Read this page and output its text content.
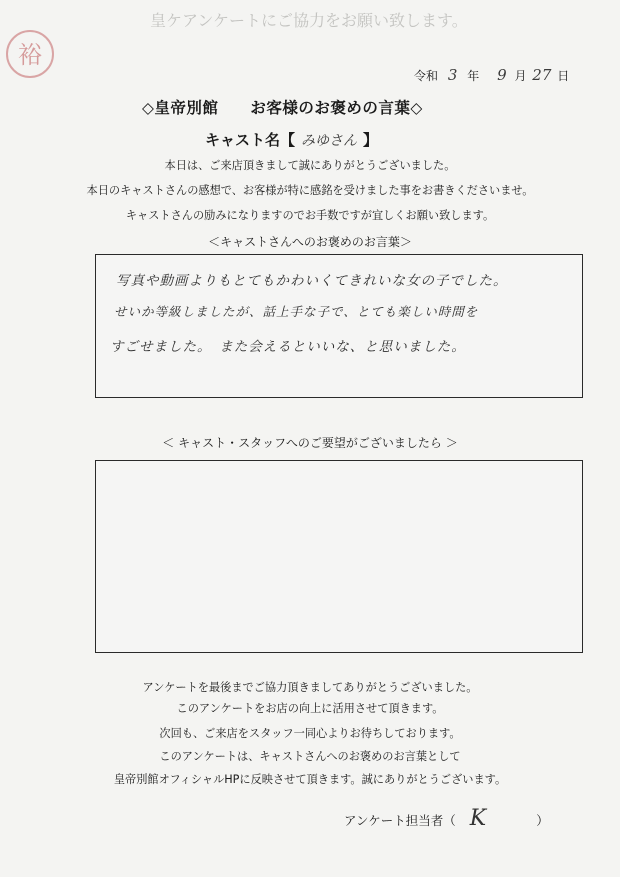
皇ケアンケートにご協力をお願い致します。
裕
令和 3 年 9 月 27 日
◇皇帝別館　　お客様のお褒めの言葉◇
キャスト名【 みゆさん 】
本日は、ご来店頂きまして誠にありがとうございました。
本日のキャストさんの感想で、お客様が特に感銘を受けました事をお書きくださいませ。
キャストさんの励みになりますのでお手数ですが宜しくお願い致します。
＜キャストさんへのお褒めのお言葉＞
写真や動画よりもとてもかわいくてきれいな女の子でした。
せいか等級しましたが、話上手な子で、とても楽しい時間を
すごせました。　また会えるといいな、と思いました。
＜ キャスト・スタッフへのご要望がございましたら ＞
アンケートを最後までご協力頂きましてありがとうございました。
このアンケートをお店の向上に活用させて頂きます。
次回も、ご来店をスタッフ一同心よりお待ちしております。
このアンケートは、キャストさんへのお褒めのお言葉として
皇帝別館オフィシャルHPに反映させて頂きます。誠にありがとうございます。
アンケート担当者（ K	）
